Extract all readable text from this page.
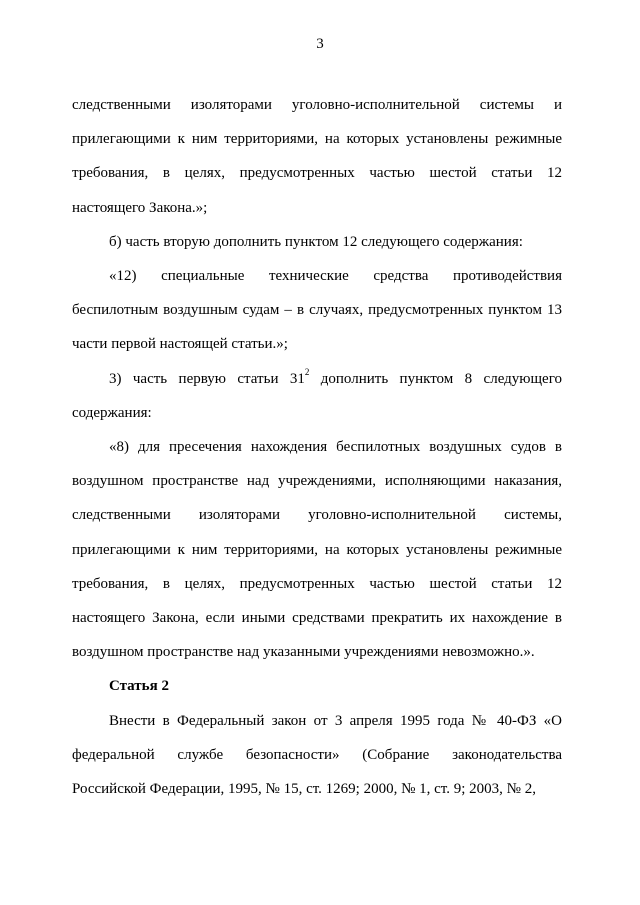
3

следственными изоляторами уголовно-исполнительной системы и прилегающими к ним территориями, на которых установлены режимные требования, в целях, предусмотренных частью шестой статьи 12 настоящего Закона.»;

б) часть вторую дополнить пунктом 12 следующего содержания:

«12) специальные технические средства противодействия беспилотным воздушным судам – в случаях, предусмотренных пунктом 13 части первой настоящей статьи.»;

3) часть первую статьи $31^2$ дополнить пунктом 8 следующего содержания:

«8) для пресечения нахождения беспилотных воздушных судов в воздушном пространстве над учреждениями, исполняющими наказания, следственными изоляторами уголовно-исполнительной системы, прилегающими к ним территориями, на которых установлены режимные требования, в целях, предусмотренных частью шестой статьи 12 настоящего Закона, если иными средствами прекратить их нахождение в воздушном пространстве над указанными учреждениями невозможно.».

Статья 2

Внести в Федеральный закон от 3 апреля 1995 года № 40-ФЗ «О федеральной службе безопасности» (Собрание законодательства Российской Федерации, 1995, № 15, ст. 1269; 2000, № 1, ст. 9; 2003, № 2,
